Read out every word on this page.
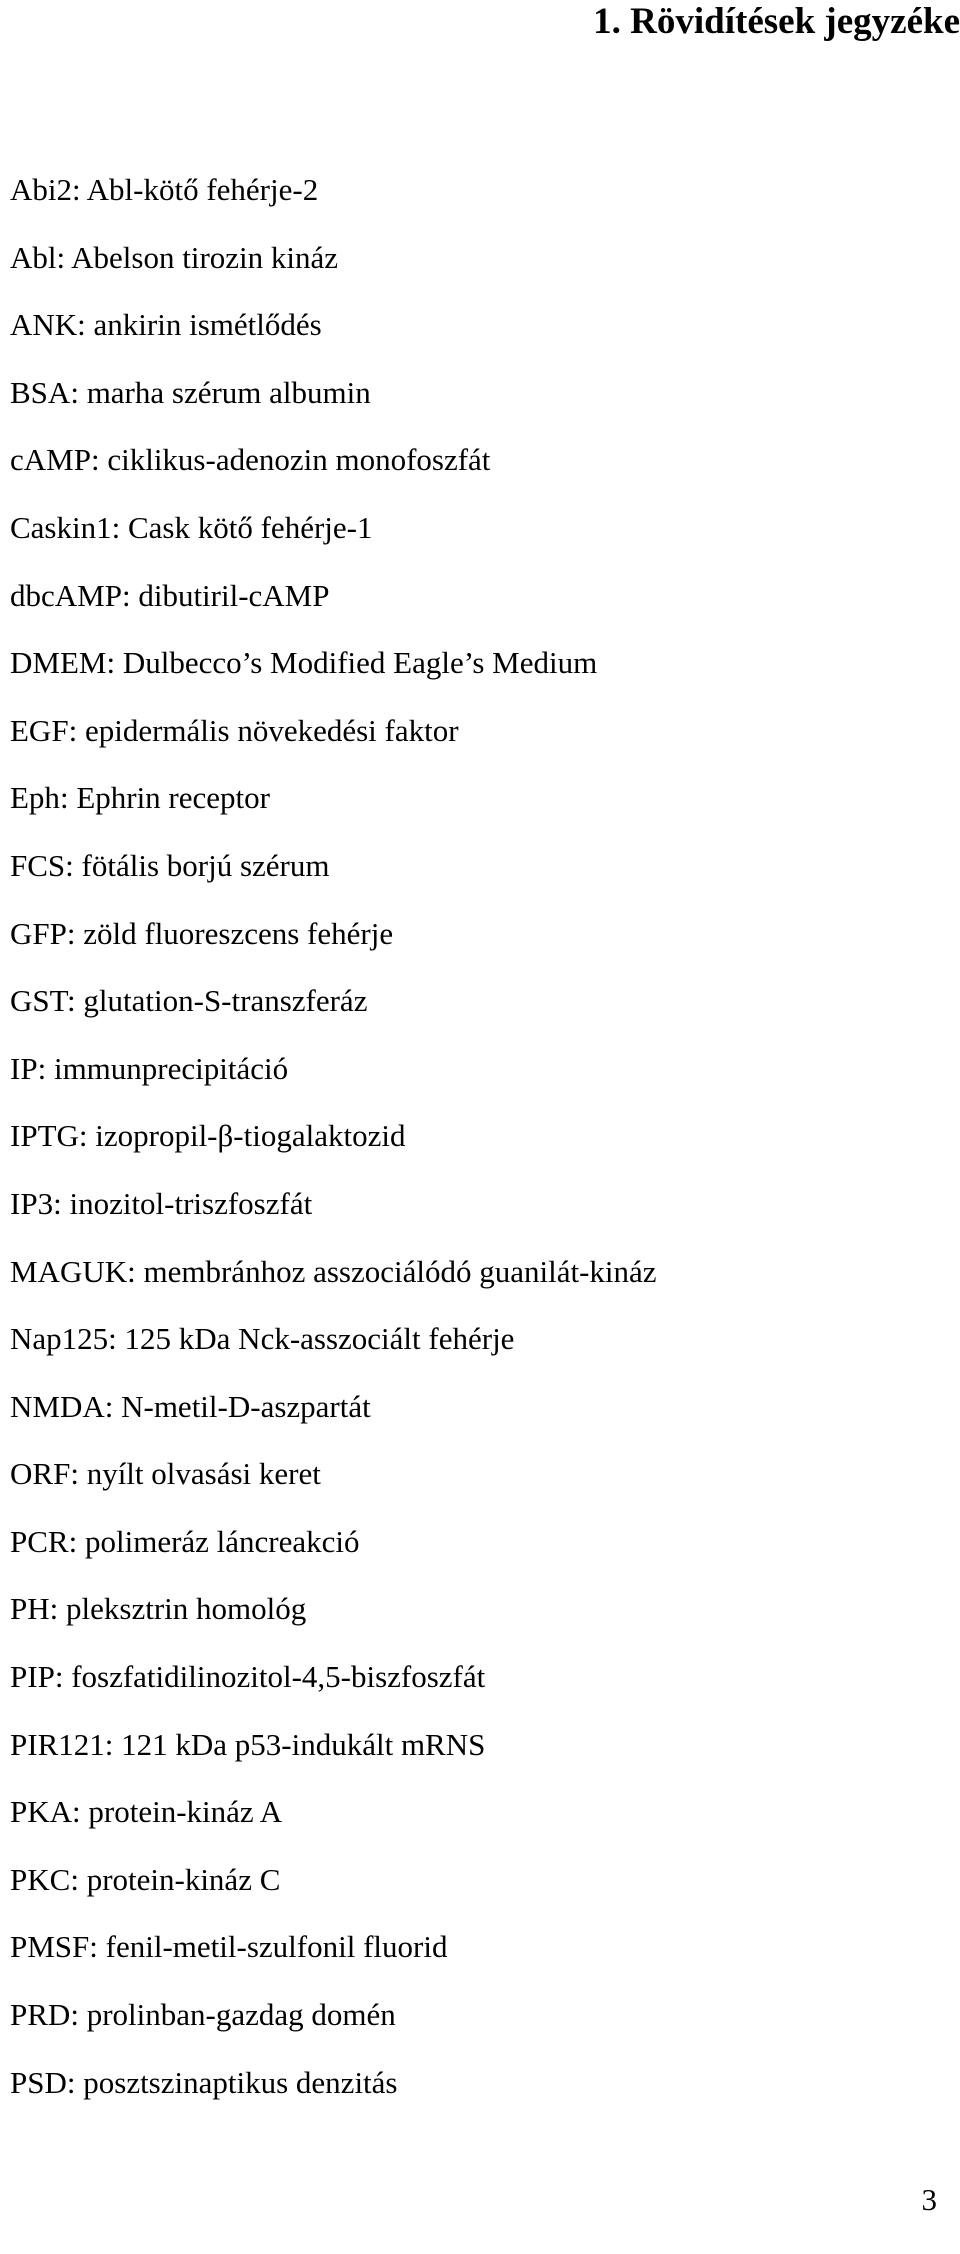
1. Rövidítések jegyzéke
Abi2: Abl-kötő fehérje-2
Abl: Abelson tirozin kináz
ANK: ankirin ismétlődés
BSA: marha szérum albumin
cAMP: ciklikus-adenozin monofoszfát
Caskin1: Cask kötő fehérje-1
dbcAMP: dibutiril-cAMP
DMEM: Dulbecco’s Modified Eagle’s Medium
EGF: epidermális növekedési faktor
Eph: Ephrin receptor
FCS: fötális borjú szérum
GFP: zöld fluoreszcens fehérje
GST: glutation-S-transzferáz
IP: immunprecipitáció
IPTG: izopropil-β-tiogalaktozid
IP3: inozitol-triszfoszfát
MAGUK: membránhoz asszociálódó guanilát-kináz
Nap125: 125 kDa Nck-asszociált fehérje
NMDA: N-metil-D-aszpartát
ORF: nyílt olvasási keret
PCR: polimeráz láncreakció
PH: pleksztrin homológ
PIP: foszfatidilinozitol-4,5-biszfoszfát
PIR121: 121 kDa p53-indukált mRNS
PKA: protein-kináz A
PKC: protein-kináz C
PMSF: fenil-metil-szulfonil fluorid
PRD: prolinban-gazdag domén
PSD: posztszinaptikus denzitás
3
